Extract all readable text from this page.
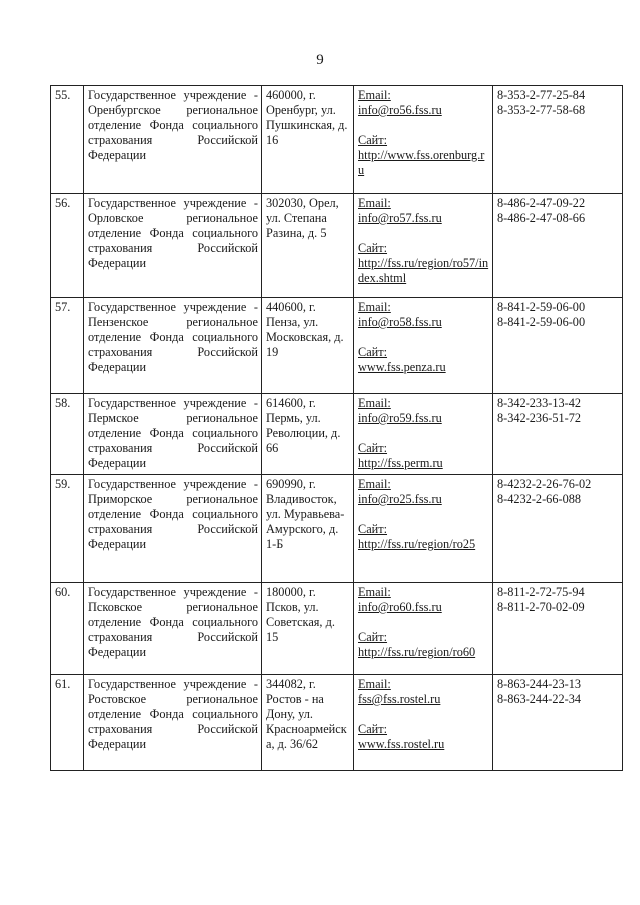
9
55.	Государственное учреждение - Оренбургское региональное отделение Фонда социального страхования Российской Федерации	460000, г. Оренбург, ул. Пушкинская, д. 16	Email:
info@ro56.fss.ru
Сайт:
http://www.fss.orenburg.ru	8-353-2-77-25-84
8-353-2-77-58-68

56.	Государственное учреждение - Орловское региональное отделение Фонда социального страхования Российской Федерации	302030, Орел, ул. Степана Разина, д. 5	Email:
info@ro57.fss.ru
Сайт:
http://fss.ru/region/ro57/index.shtml	8-486-2-47-09-22
8-486-2-47-08-66

57.	Государственное учреждение - Пензенское региональное отделение Фонда социального страхования Российской Федерации	440600, г. Пенза, ул. Московская, д. 19	Email:
info@ro58.fss.ru
Сайт:
www.fss.penza.ru	8-841-2-59-06-00
8-841-2-59-06-00

58.	Государственное учреждение - Пермское региональное отделение Фонда социального страхования Российской Федерации	614600, г. Пермь, ул. Революции, д. 66	Email:
info@ro59.fss.ru
Сайт:
http://fss.perm.ru	8-342-233-13-42
8-342-236-51-72

59.	Государственное учреждение - Приморское региональное отделение Фонда социального страхования Российской Федерации	690990, г. Владивосток, ул. Муравьева-Амурского, д. 1-Б	Email:
info@ro25.fss.ru
Сайт:
http://fss.ru/region/ro25	8-4232-2-26-76-02
8-4232-2-66-088

60.	Государственное учреждение - Псковское региональное отделение Фонда социального страхования Российской Федерации	180000, г. Псков, ул. Советская, д. 15	Email:
info@ro60.fss.ru
Сайт:
http://fss.ru/region/ro60	8-811-2-72-75-94
8-811-2-70-02-09

61.	Государственное учреждение - Ростовское региональное отделение Фонда социального страхования Российской Федерации	344082, г. Ростов - на Дону, ул. Красноармейска, д. 36/62	Email:
fss@fss.rostel.ru
Сайт:
www.fss.rostel.ru	8-863-244-23-13
8-863-244-22-34
